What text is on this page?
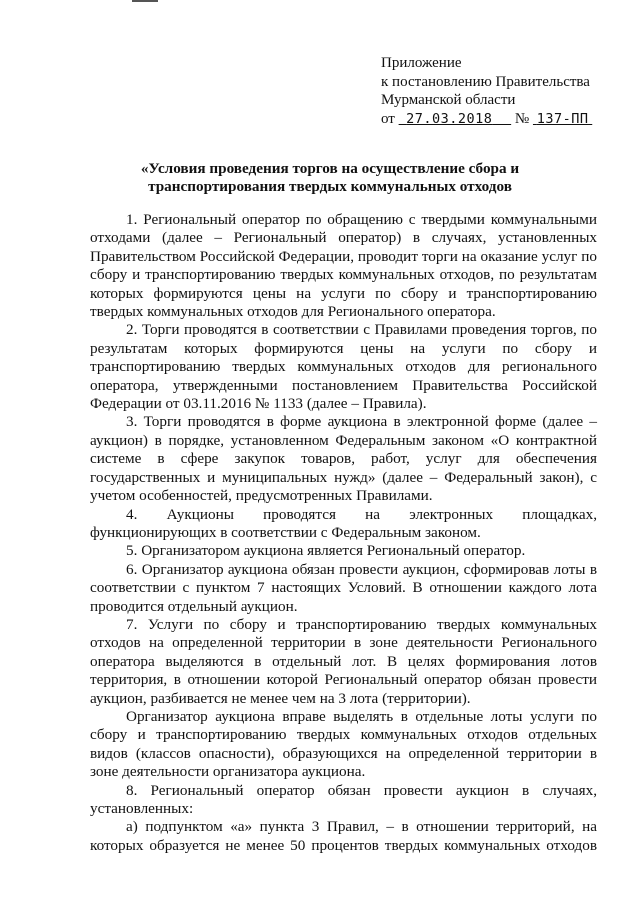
Приложение
к постановлению Правительства
Мурманской области
от 27.03.2018 № 137-ПП
«Условия проведения торгов на осуществление сбора и
транспортирования твердых коммунальных отходов

1. Региональный оператор по обращению с твердыми коммунальными отходами (далее – Региональный оператор) в случаях, установленных Правительством Российской Федерации, проводит торги на оказание услуг по сбору и транспортированию твердых коммунальных отходов, по результатам которых формируются цены на услуги по сбору и транспортированию твердых коммунальных отходов для Регионального оператора.

2. Торги проводятся в соответствии с Правилами проведения торгов, по результатам которых формируются цены на услуги по сбору и транспортированию твердых коммунальных отходов для регионального оператора, утвержденными постановлением Правительства Российской Федерации от 03.11.2016 № 1133 (далее – Правила).

3. Торги проводятся в форме аукциона в электронной форме (далее – аукцион) в порядке, установленном Федеральным законом «О контрактной системе в сфере закупок товаров, работ, услуг для обеспечения государственных и муниципальных нужд» (далее – Федеральный закон), с учетом особенностей, предусмотренных Правилами.

4. Аукционы проводятся на электронных площадках, функционирующих в соответствии с Федеральным законом.

5. Организатором аукциона является Региональный оператор.

6. Организатор аукциона обязан провести аукцион, сформировав лоты в соответствии с пунктом 7 настоящих Условий. В отношении каждого лота проводится отдельный аукцион.

7. Услуги по сбору и транспортированию твердых коммунальных отходов на определенной территории в зоне деятельности Регионального оператора выделяются в отдельный лот. В целях формирования лотов территория, в отношении которой Региональный оператор обязан провести аукцион, разбивается не менее чем на 3 лота (территории).

Организатор аукциона вправе выделять в отдельные лоты услуги по сбору и транспортированию твердых коммунальных отходов отдельных видов (классов опасности), образующихся на определенной территории в зоне деятельности организатора аукциона.

8. Региональный оператор обязан провести аукцион в случаях, установленных:

а) подпунктом «а» пункта 3 Правил, – в отношении территорий, на которых образуется не менее 50 процентов твердых коммунальных отходов
